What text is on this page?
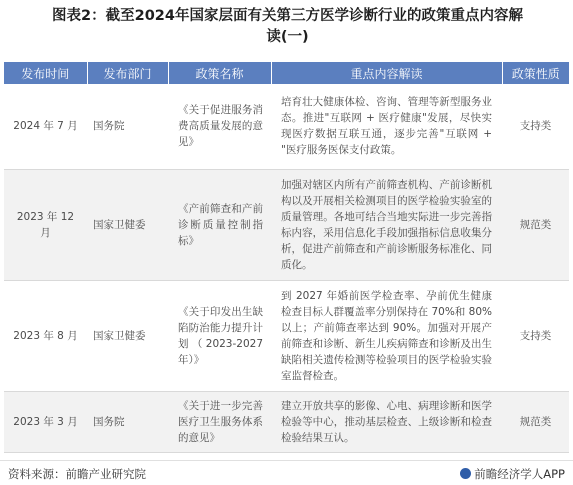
图表2：截至2024年国家层面有关第三方医学诊断行业的政策重点内容解
读(一)
发布时间	发布部门	政策名称	重点内容解读	政策性质
2024 年 7 月	国务院	《关于促进服务消费高质量发展的意见》	培育壮大健康体检、咨询、管理等新型服务业态。推进"互联网 + 医疗健康"发展，尽快实现医疗数据互联互通，逐步完善"互联网 + "医疗服务医保支付政策。	支持类
2023 年 12 月	国家卫健委	《产前筛查和产前诊断质量控制指标》	加强对辖区内所有产前筛查机构、产前诊断机构以及开展相关检测项目的医学检验实验室的质量管理。各地可结合当地实际进一步完善指标内容，采用信息化手段加强指标信息收集分析，促进产前筛查和产前诊断服务标准化、同质化。	规范类
2023 年 8 月	国家卫健委	《关于印发出生缺陷防治能力提升计划（2023-2027年）》	到 2027 年婚前医学检查率、孕前优生健康检查目标人群覆盖率分别保持在 70%和 80%以上；产前筛查率达到 90%。加强对开展产前筛查和诊断、新生儿疾病筛查和诊断及出生缺陷相关遗传检测等检验项目的医学检验实验室监督检查。	支持类
2023 年 3 月	国务院	《关于进一步完善医疗卫生服务体系的意见》	建立开放共享的影像、心电、病理诊断和医学检验等中心，推动基层检查、上级诊断和检查检验结果互认。	规范类
资料来源：前瞻产业研究院	前瞻经济学人APP
